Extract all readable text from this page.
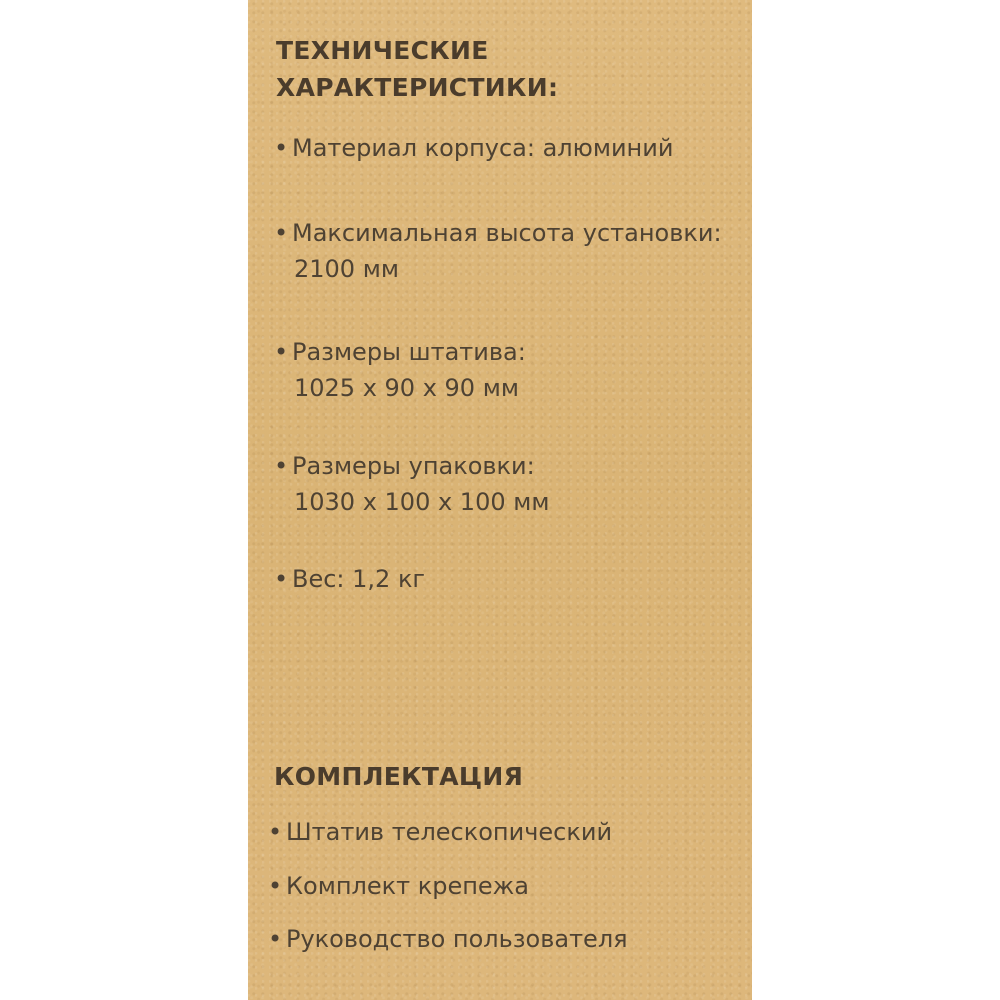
ТЕХНИЧЕСКИЕ
ХАРАКТЕРИСТИКИ:
• Материал корпуса: алюминий
• Максимальная высота установки:
2100 мм
• Размеры штатива:
1025 х 90 х 90 мм
• Размеры упаковки:
1030 х 100 х 100 мм
• Вес: 1,2 кг
КОМПЛЕКТАЦИЯ
• Штатив телескопический
• Комплект крепежа
• Руководство пользователя
